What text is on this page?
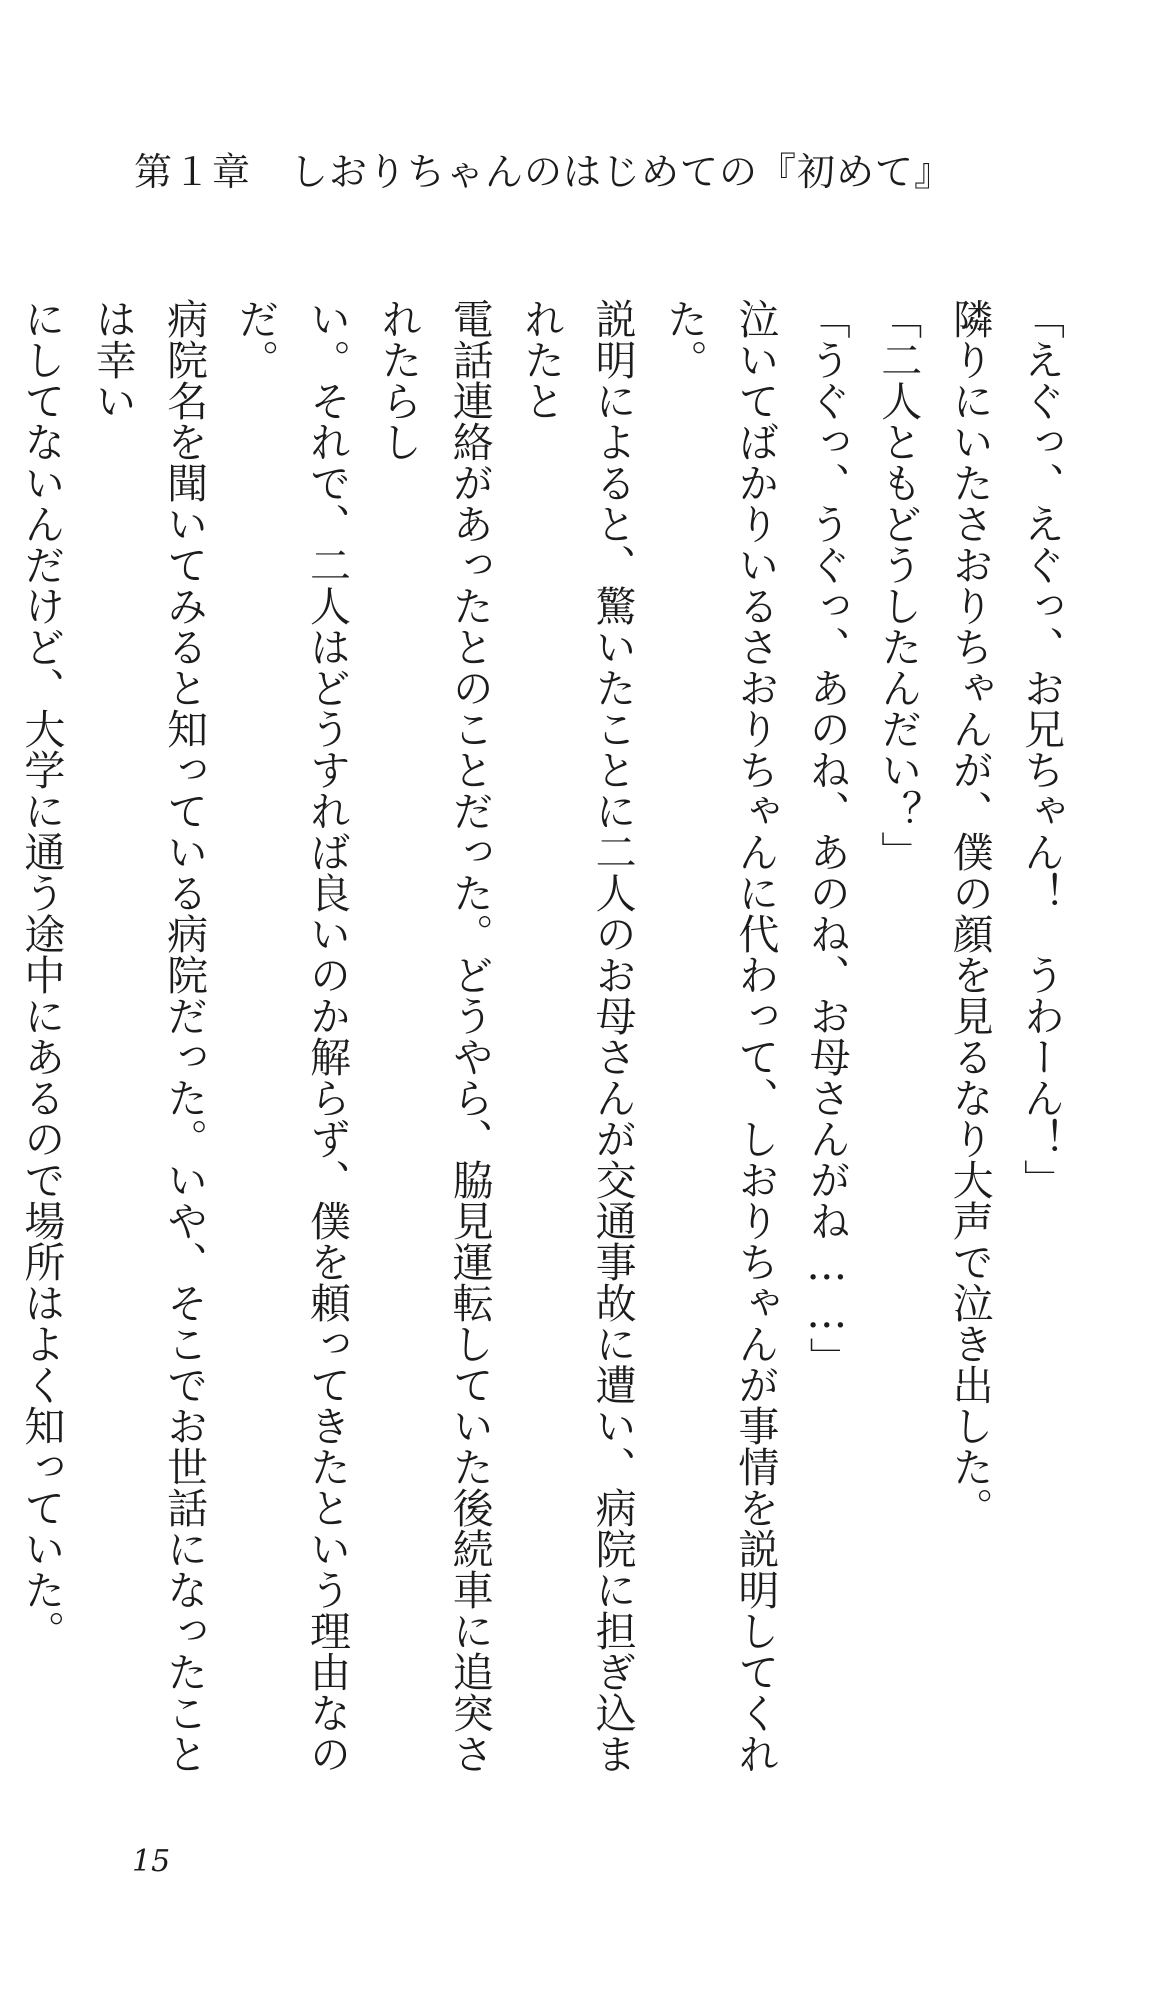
第１章　しおりちゃんのはじめての『初めて』
「えぐっ、えぐっ、お兄ちゃん！　うわーん！」
隣りにいたさおりちゃんが、僕の顔を見るなり大声で泣き出した。
「二人ともどうしたんだい？」
「うぐっ、うぐっ、あのね、あのね、お母さんがね……」
泣いてばかりいるさおりちゃんに代わって、しおりちゃんが事情を説明してくれた。
説明によると、驚いたことに二人のお母さんが交通事故に遭い、病院に担ぎ込まれたと
電話連絡があったとのことだった。どうやら、脇見運転していた後続車に追突されたらし
い。それで、二人はどうすれば良いのか解らず、僕を頼ってきたという理由なのだ。
病院名を聞いてみると知っている病院だった。いや、そこでお世話になったことは幸い
にしてないんだけど、大学に通う途中にあるので場所はよく知っていた。
15
